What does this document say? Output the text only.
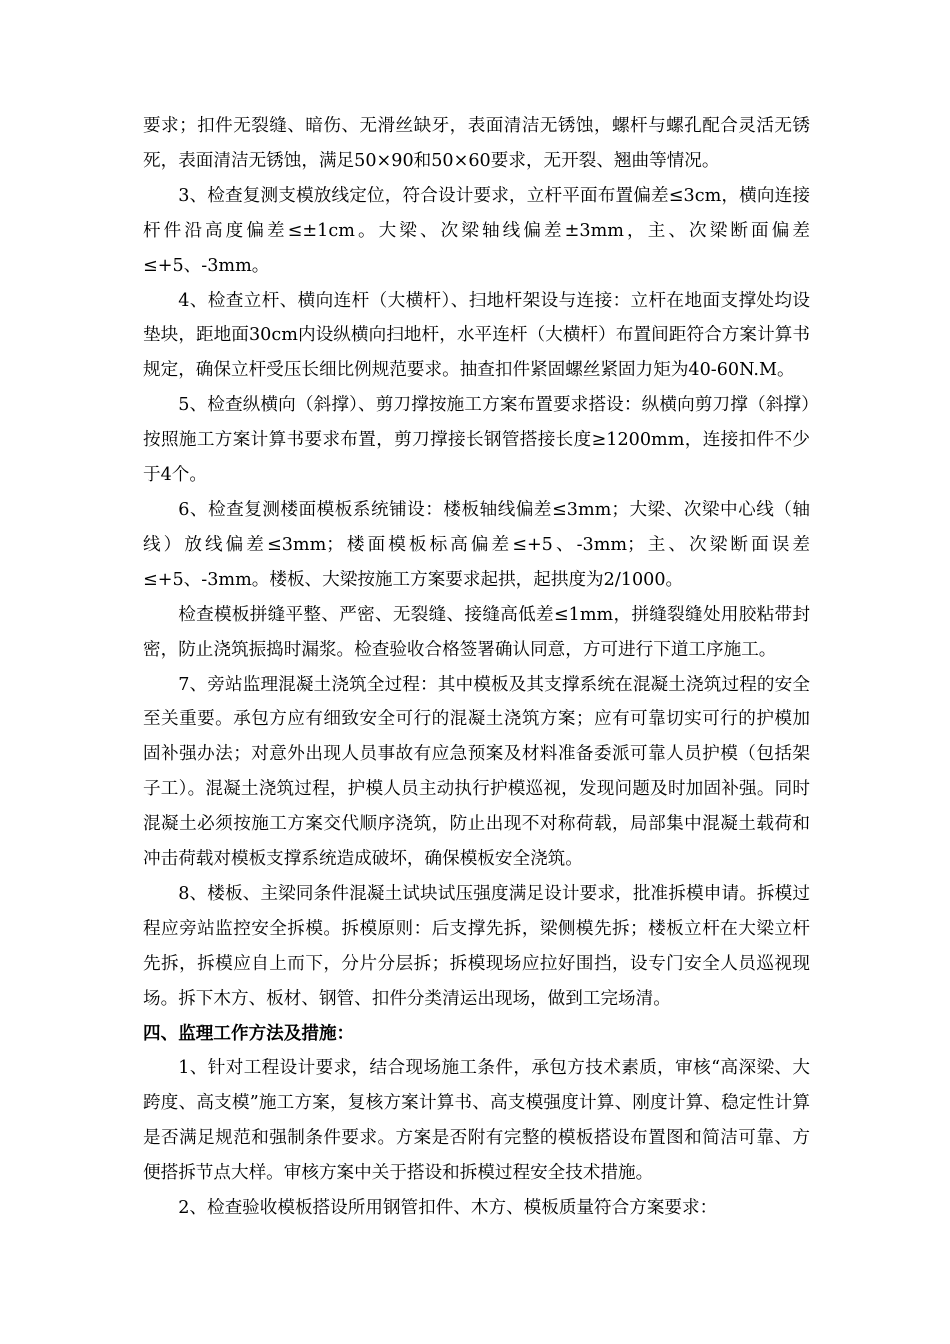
要求；扣件无裂缝、暗伤、无滑丝缺牙，表面清洁无锈蚀，螺杆与螺孔配合灵活无锈死，表面清洁无锈蚀，满足50×90和50×60要求，无开裂、翘曲等情况。

3、检查复测支模放线定位，符合设计要求，立杆平面布置偏差≤3cm，横向连接杆件沿高度偏差≤±1cm。大梁、次梁轴线偏差±3mm，主、次梁断面偏差≤+5、-3mm。

4、检查立杆、横向连杆（大横杆）、扫地杆架设与连接：立杆在地面支撑处均设垫块，距地面30cm内设纵横向扫地杆，水平连杆（大横杆）布置间距符合方案计算书规定，确保立杆受压长细比例规范要求。抽查扣件紧固螺丝紧固力矩为40-60N.M。

5、检查纵横向（斜撑）、剪刀撑按施工方案布置要求搭设：纵横向剪刀撑（斜撑）按照施工方案计算书要求布置，剪刀撑接长钢管搭接长度≥1200mm，连接扣件不少于4个。

6、检查复测楼面模板系统铺设：楼板轴线偏差≤3mm；大梁、次梁中心线（轴线）放线偏差≤3mm；楼面模板标高偏差≤+5、-3mm；主、次梁断面误差≤+5、-3mm。楼板、大梁按施工方案要求起拱，起拱度为2/1000。

检查模板拼缝平整、严密、无裂缝、接缝高低差≤1mm，拼缝裂缝处用胶粘带封密，防止浇筑振捣时漏浆。检查验收合格签署确认同意，方可进行下道工序施工。

7、旁站监理混凝土浇筑全过程：其中模板及其支撑系统在混凝土浇筑过程的安全至关重要。承包方应有细致安全可行的混凝土浇筑方案；应有可靠切实可行的护模加固补强办法；对意外出现人员事故有应急预案及材料准备委派可靠人员护模（包括架子工）。混凝土浇筑过程，护模人员主动执行护模巡视，发现问题及时加固补强。同时混凝土必须按施工方案交代顺序浇筑，防止出现不对称荷载，局部集中混凝土载荷和冲击荷载对模板支撑系统造成破坏，确保模板安全浇筑。

8、楼板、主梁同条件混凝土试块试压强度满足设计要求，批准拆模申请。拆模过程应旁站监控安全拆模。拆模原则：后支撑先拆，梁侧模先拆；楼板立杆在大梁立杆先拆，拆模应自上而下，分片分层拆；拆模现场应拉好围挡，设专门安全人员巡视现场。拆下木方、板材、钢管、扣件分类清运出现场，做到工完场清。

四、监理工作方法及措施：

1、针对工程设计要求，结合现场施工条件，承包方技术素质，审核“高深梁、大跨度、高支模”施工方案，复核方案计算书、高支模强度计算、刚度计算、稳定性计算是否满足规范和强制条件要求。方案是否附有完整的模板搭设布置图和简洁可靠、方便搭拆节点大样。审核方案中关于搭设和拆模过程安全技术措施。

2、检查验收模板搭设所用钢管扣件、木方、模板质量符合方案要求：
